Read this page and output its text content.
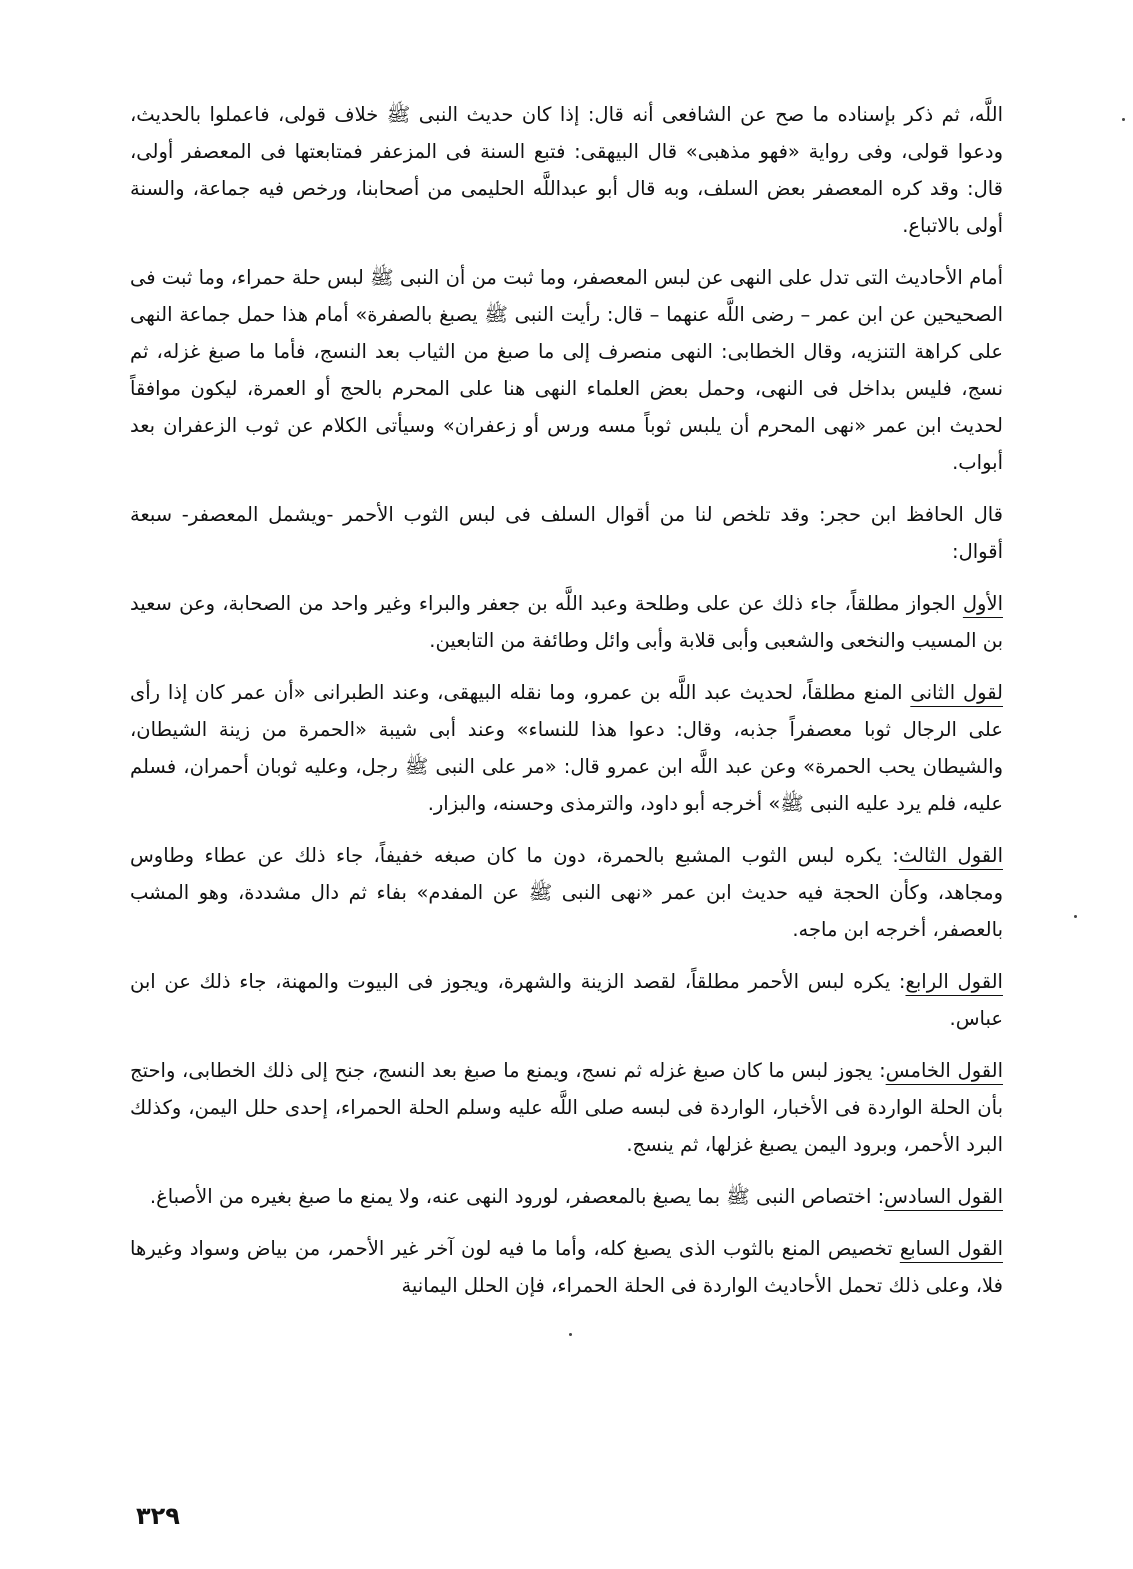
اللَّه، ثم ذكر بإسناده ما صح عن الشافعى أنه قال: إذا كان حديث النبى ﷺ خلاف قولى، فاعملوا بالحديث، ودعوا قولى، وفى رواية «فهو مذهبى» قال البيهقى: فتبع السنة فى المزعفر فمتابعتها فى المعصفر أولى، قال: وقد كره المعصفر بعض السلف، وبه قال أبو عبداللَّه الحليمى من أصحابنا، ورخص فيه جماعة، والسنة أولى بالاتباع.

أمام الأحاديث التى تدل على النهى عن لبس المعصفر، وما ثبت من أن النبى ﷺ لبس حلة حمراء، وما ثبت فى الصحيحين عن ابن عمر – رضى اللَّه عنهما – قال: رأيت النبى ﷺ يصبغ بالصفرة» أمام هذا حمل جماعة النهى على كراهة التنزيه، وقال الخطابى: النهى منصرف إلى ما صبغ من الثياب بعد النسج، فأما ما صبغ غزله، ثم نسج، فليس بداخل فى النهى، وحمل بعض العلماء النهى هنا على المحرم بالحج أو العمرة، ليكون موافقاً لحديث ابن عمر «نهى المحرم أن يلبس ثوباً مسه ورس أو زعفران» وسيأتى الكلام عن ثوب الزعفران بعد أبواب.

قال الحافظ ابن حجر: وقد تلخص لنا من أقوال السلف فى لبس الثوب الأحمر -ويشمل المعصفر- سبعة أقوال:

الأول الجواز مطلقاً، جاء ذلك عن على وطلحة وعبد اللَّه بن جعفر والبراء وغير واحد من الصحابة، وعن سعيد بن المسيب والنخعى والشعبى وأبى قلابة وأبى وائل وطائفة من التابعين.

لقول الثانى المنع مطلقاً، لحديث عبد اللَّه بن عمرو، وما نقله البيهقى، وعند الطبرانى «أن عمر كان إذا رأى على الرجال ثوبا معصفراً جذبه، وقال: دعوا هذا للنساء» وعند أبى شيبة «الحمرة من زينة الشيطان، والشيطان يحب الحمرة» وعن عبد اللَّه ابن عمرو قال: «مر على النبى ﷺ رجل، وعليه ثوبان أحمران، فسلم عليه، فلم يرد عليه النبى ﷺ» أخرجه أبو داود، والترمذى وحسنه، والبزار.

القول الثالث: يكره لبس الثوب المشبع بالحمرة، دون ما كان صبغه خفيفاً، جاء ذلك عن عطاء وطاوس ومجاهد، وكأن الحجة فيه حديث ابن عمر «نهى النبى ﷺ عن المفدم» بفاء ثم دال مشددة، وهو المشب بالعصفر، أخرجه ابن ماجه.

القول الرابع: يكره لبس الأحمر مطلقاً، لقصد الزينة والشهرة، ويجوز فى البيوت والمهنة، جاء ذلك عن ابن عباس.

القول الخامس: يجوز لبس ما كان صبغ غزله ثم نسج، ويمنع ما صبغ بعد النسج، جنح إلى ذلك الخطابى، واحتج بأن الحلة الواردة فى الأخبار، الواردة فى لبسه صلى اللَّه عليه وسلم الحلة الحمراء، إحدى حلل اليمن، وكذلك البرد الأحمر، وبرود اليمن يصبغ غزلها، ثم ينسج.

القول السادس: اختصاص النبى ﷺ بما يصبغ بالمعصفر، لورود النهى عنه، ولا يمنع ما صبغ بغيره من الأصباغ.

القول السابع تخصيص المنع بالثوب الذى يصبغ كله، وأما ما فيه لون آخر غير الأحمر، من بياض وسواد وغيرها فلا، وعلى ذلك تحمل الأحاديث الواردة فى الحلة الحمراء، فإن الحلل اليمانية

٣٢٩
